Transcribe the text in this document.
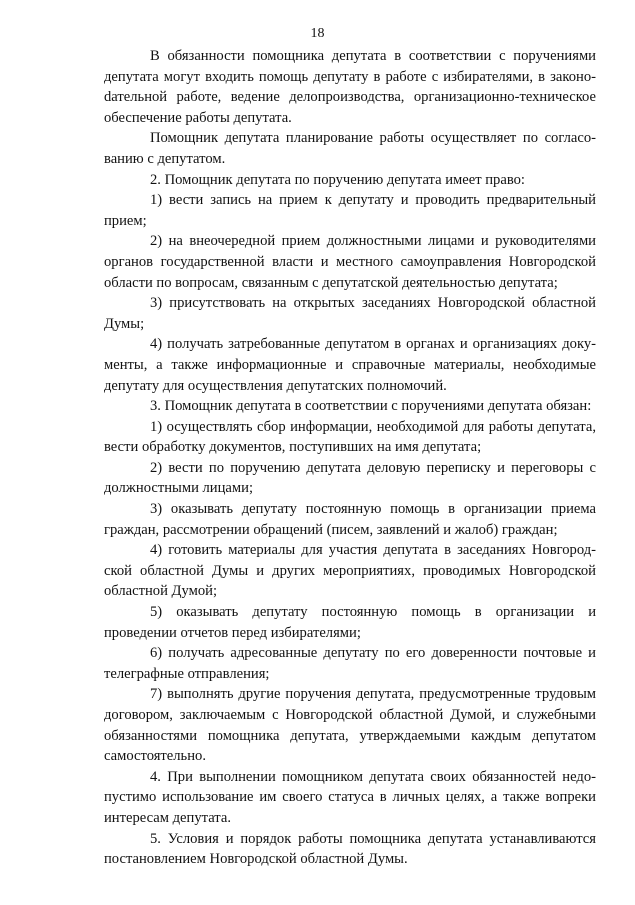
18

В обязанности помощника депутата в соответствии с поручениями депутата могут входить помощь депутату в работе с избирателями, в законоdательной работе, ведение делопроизводства, организационно-техническое обеспечение работы депутата.

Помощник депутата планирование работы осуществляет по согласованию с депутатом.

2. Помощник депутата по поручению депутата имеет право:

1) вести запись на прием к депутату и проводить предварительный прием;

2) на внеочередной прием должностными лицами и руководителями органов государственной власти и местного самоуправления Новгородской области по вопросам, связанным с депутатской деятельностью депутата;

3) присутствовать на открытых заседаниях Новгородской областной Думы;

4) получать затребованные депутатом в органах и организациях документы, а также информационные и справочные материалы, необходимые депутату для осуществления депутатских полномочий.

3. Помощник депутата в соответствии с поручениями депутата обязан:

1) осуществлять сбор информации, необходимой для работы депутата, вести обработку документов, поступивших на имя депутата;

2) вести по поручению депутата деловую переписку и переговоры с должностными лицами;

3) оказывать депутату постоянную помощь в организации приема граждан, рассмотрении обращений (писем, заявлений и жалоб) граждан;

4) готовить материалы для участия депутата в заседаниях Новгородской областной Думы и других мероприятиях, проводимых Новгородской областной Думой;

5) оказывать депутату постоянную помощь в организации и проведении отчетов перед избирателями;

6) получать адресованные депутату по его доверенности почтовые и телеграфные отправления;

7) выполнять другие поручения депутата, предусмотренные трудовым договором, заключаемым с Новгородской областной Думой, и служебными обязанностями помощника депутата, утверждаемыми каждым депутатом самостоятельно.

4. При выполнении помощником депутата своих обязанностей недопустимо использование им своего статуса в личных целях, а также вопреки интересам депутата.

5. Условия и порядок работы помощника депутата устанавливаются постановлением Новгородской областной Думы.
